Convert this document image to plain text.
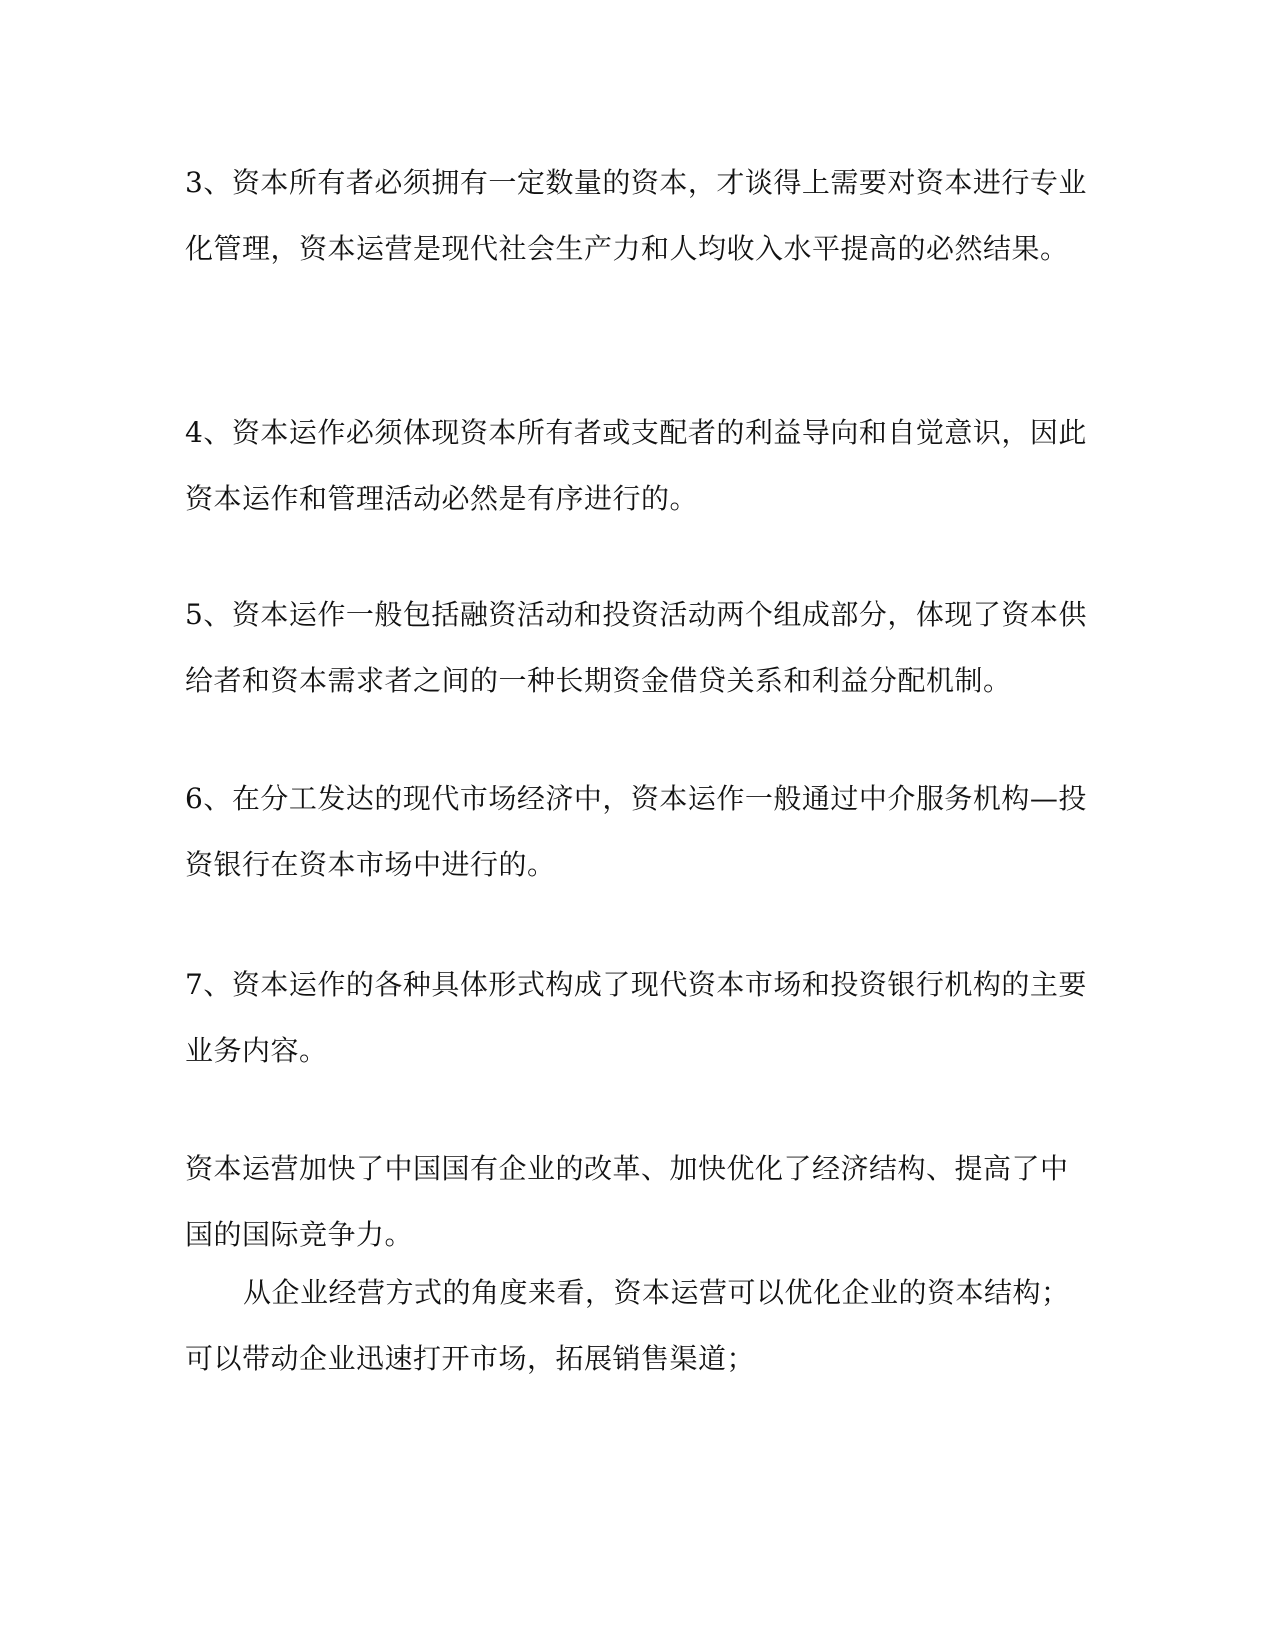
3、资本所有者必须拥有一定数量的资本，才谈得上需要对资本进行专业化管理，资本运营是现代社会生产力和人均收入水平提高的必然结果。

4、资本运作必须体现资本所有者或支配者的利益导向和自觉意识，因此资本运作和管理活动必然是有序进行的。

5、资本运作一般包括融资活动和投资活动两个组成部分，体现了资本供给者和资本需求者之间的一种长期资金借贷关系和利益分配机制。

6、在分工发达的现代市场经济中，资本运作一般通过中介服务机构—投资银行在资本市场中进行的。

7、资本运作的各种具体形式构成了现代资本市场和投资银行机构的主要业务内容。

资本运营加快了中国国有企业的改革、加快优化了经济结构、提高了中国的国际竞争力。

从企业经营方式的角度来看，资本运营可以优化企业的资本结构；可以带动企业迅速打开市场，拓展销售渠道；
